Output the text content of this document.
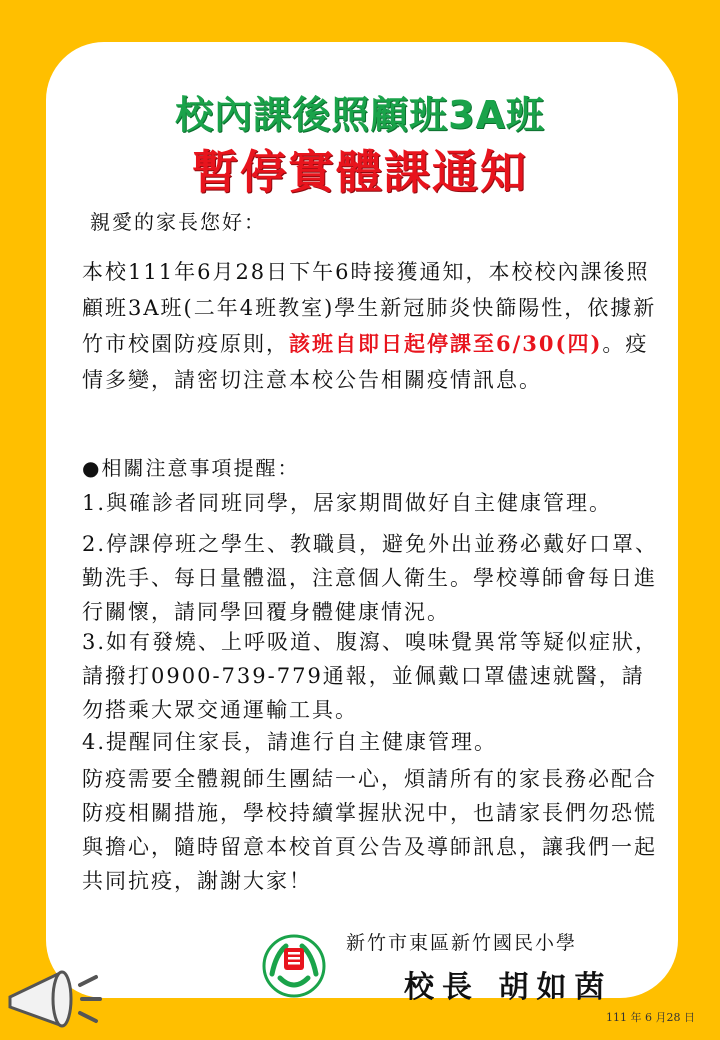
校內課後照顧班3A班
暫停實體課通知
親愛的家長您好：
本校111年6月28日下午6時接獲通知，本校校內課後照顧班3A班(二年4班教室)學生新冠肺炎快篩陽性，依據新竹市校園防疫原則，該班自即日起停課至6/30(四)。疫情多變，請密切注意本校公告相關疫情訊息。
●相關注意事項提醒：
1.與確診者同班同學，居家期間做好自主健康管理。
2.停課停班之學生、教職員，避免外出並務必戴好口罩、勤洗手、每日量體溫，注意個人衛生。學校導師會每日進行關懷，請同學回覆身體健康情況。
3.如有發燒、上呼吸道、腹瀉、嗅味覺異常等疑似症狀，請撥打0900-739-779通報，並佩戴口罩儘速就醫，請勿搭乘大眾交通運輸工具。
4.提醒同住家長，請進行自主健康管理。
防疫需要全體親師生團結一心，煩請所有的家長務必配合防疫相關措施，學校持續掌握狀況中，也請家長們勿恐慌與擔心，隨時留意本校首頁公告及導師訊息，讓我們一起共同抗疫，謝謝大家！
新竹市東區新竹國民小學
校長 胡如茵
111 年 6 月28 日
